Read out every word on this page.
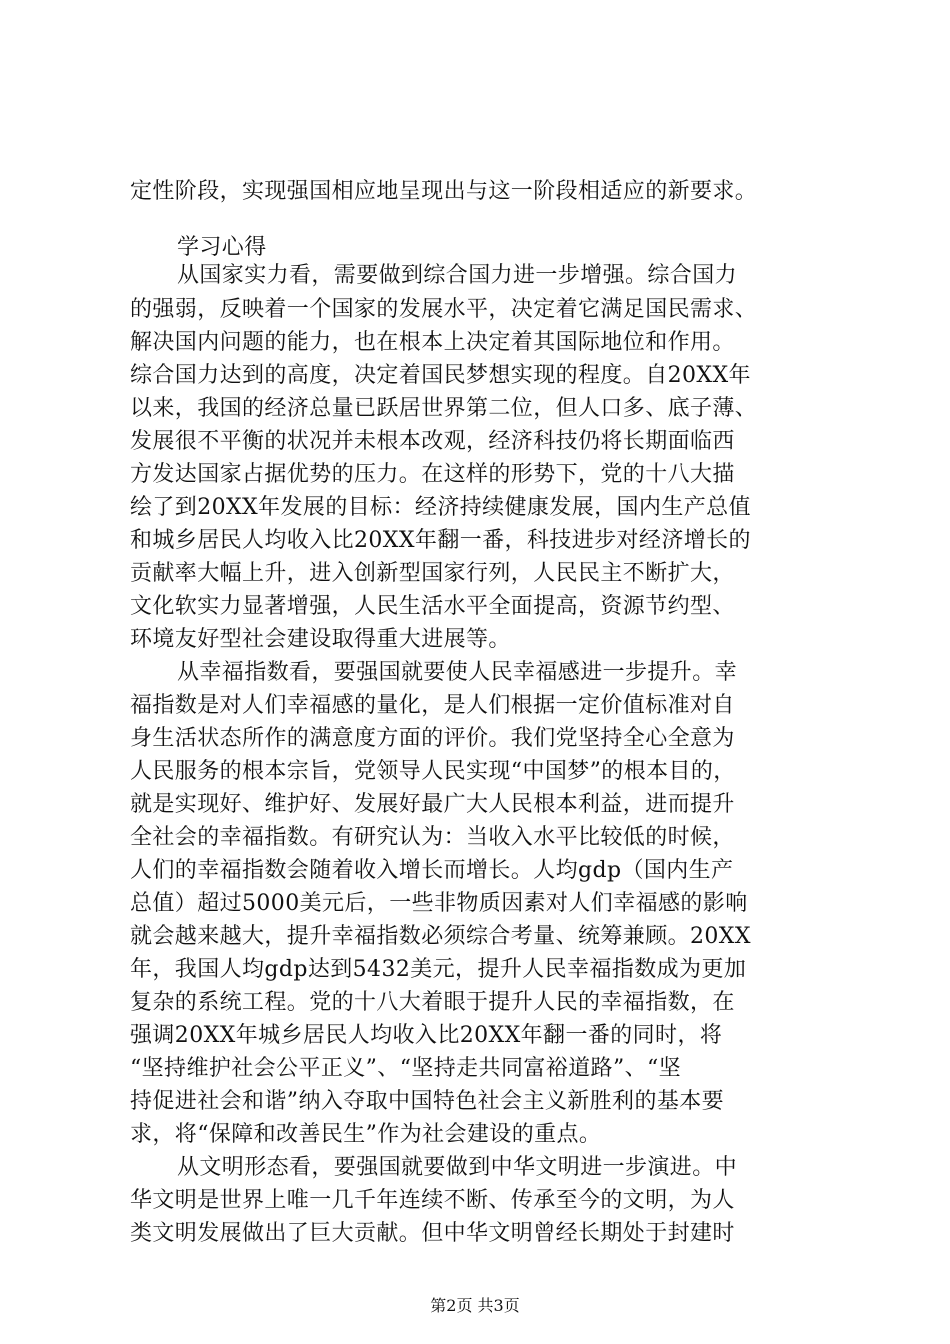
定性阶段，实现强国相应地呈现出与这一阶段相适应的新要求。
学习心得
从国家实力看，需要做到综合国力进一步增强。综合国力
的强弱，反映着一个国家的发展水平，决定着它满足国民需求、
解决国内问题的能力，也在根本上决定着其国际地位和作用。
综合国力达到的高度，决定着国民梦想实现的程度。自20XX年
以来，我国的经济总量已跃居世界第二位，但人口多、底子薄、
发展很不平衡的状况并未根本改观，经济科技仍将长期面临西
方发达国家占据优势的压力。在这样的形势下，党的十八大描
绘了到20XX年发展的目标：经济持续健康发展，国内生产总值
和城乡居民人均收入比20XX年翻一番，科技进步对经济增长的
贡献率大幅上升，进入创新型国家行列，人民民主不断扩大，
文化软实力显著增强，人民生活水平全面提高，资源节约型、
环境友好型社会建设取得重大进展等。
从幸福指数看，要强国就要使人民幸福感进一步提升。幸
福指数是对人们幸福感的量化，是人们根据一定价值标准对自
身生活状态所作的满意度方面的评价。我们党坚持全心全意为
人民服务的根本宗旨，党领导人民实现“中国梦”的根本目的，
就是实现好、维护好、发展好最广大人民根本利益，进而提升
全社会的幸福指数。有研究认为：当收入水平比较低的时候，
人们的幸福指数会随着收入增长而增长。人均gdp（国内生产
总值）超过5000美元后，一些非物质因素对人们幸福感的影响
就会越来越大，提升幸福指数必须综合考量、统筹兼顾。20XX
年，我国人均gdp达到5432美元，提升人民幸福指数成为更加
复杂的系统工程。党的十八大着眼于提升人民的幸福指数，在
强调20XX年城乡居民人均收入比20XX年翻一番的同时，将
“坚持维护社会公平正义”、“坚持走共同富裕道路”、“坚
持促进社会和谐”纳入夺取中国特色社会主义新胜利的基本要
求，将“保障和改善民生”作为社会建设的重点。
从文明形态看，要强国就要做到中华文明进一步演进。中
华文明是世界上唯一几千年连续不断、传承至今的文明，为人
类文明发展做出了巨大贡献。但中华文明曾经长期处于封建时
第2页 共3页
